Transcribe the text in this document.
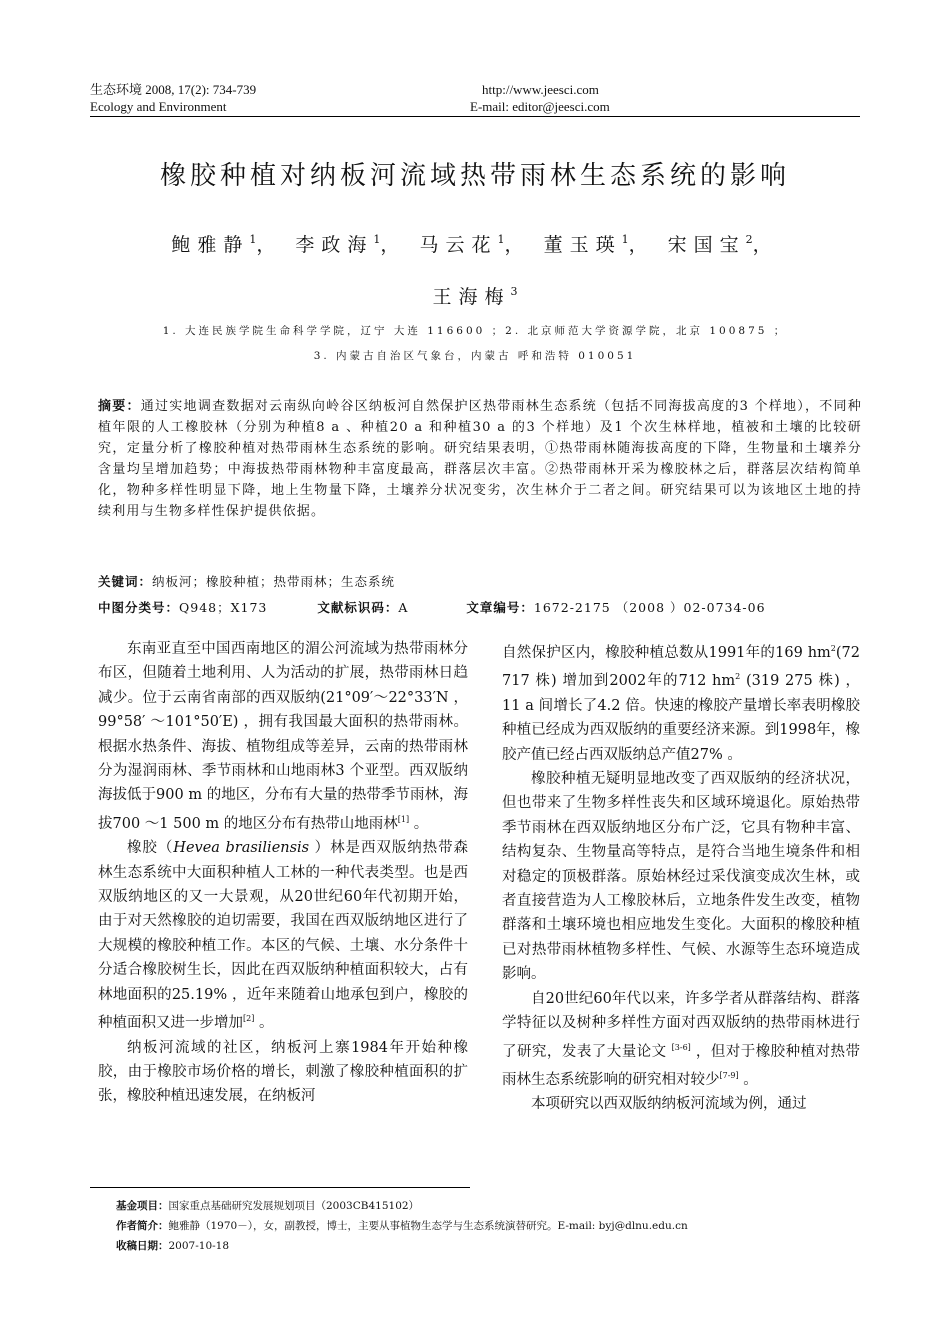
生态环境 2008, 17(2): 734-739
Ecology and Environment
http://www.jeesci.com
E-mail: editor@jeesci.com
橡胶种植对纳板河流域热带雨林生态系统的影响
鲍雅静$^1$， 李政海$^1$， 马云花$^1$， 董玉瑛$^1$， 宋国宝$^2$，
王海梅$^3$
1. 大连民族学院生命科学学院，辽宁 大连 116600 ；2. 北京师范大学资源学院，北京 100875 ；
3. 内蒙古自治区气象台，内蒙古 呼和浩特 010051
摘要：通过实地调查数据对云南纵向岭谷区纳板河自然保护区热带雨林生态系统（包括不同海拔高度的3 个样地），不同种植年限的人工橡胶林（分别为种植8 a 、种植20 a 和种植30 a 的3 个样地）及1 个次生林样地，植被和土壤的比较研究，定量分析了橡胶种植对热带雨林生态系统的影响。研究结果表明，①热带雨林随海拔高度的下降，生物量和土壤养分含量均呈增加趋势；中海拔热带雨林物种丰富度最高，群落层次丰富。②热带雨林开采为橡胶林之后，群落层次结构简单化，物种多样性明显下降，地上生物量下降，土壤养分状况变劣，次生林介于二者之间。研究结果可以为该地区土地的持续利用与生物多样性保护提供依据。
关键词：纳板河；橡胶种植；热带雨林；生态系统
中图分类号：Q948；X173	文献标识码：A	文章编号：1672-2175 （2008 ）02-0734-06

东南亚直至中国西南地区的湄公河流域为热带雨林分布区，但随着土地利用、人为活动的扩展，热带雨林日趋减少。位于云南省南部的西双版纳(21°09′～22°33′N ，99°58′ ～101°50′E) ，拥有我国最大面积的热带雨林。根据水热条件、海拔、植物组成等差异，云南的热带雨林分为湿润雨林、季节雨林和山地雨林3 个亚型。西双版纳海拔低于900 m 的地区，分布有大量的热带季节雨林，海拔700 ～1 500 m 的地区分布有热带山地雨林[1] 。

橡胶（Hevea brasiliensis ）林是西双版纳热带森林生态系统中大面积种植人工林的一种代表类型。也是西双版纳地区的又一大景观，从20世纪60年代初期开始，由于对天然橡胶的迫切需要，我国在西双版纳地区进行了大规模的橡胶种植工作。本区的气候、土壤、水分条件十分适合橡胶树生长，因此在西双版纳种植面积较大，占有林地面积的25.19% ，近年来随着山地承包到户，橡胶的种植面积又进一步增加[2] 。

纳板河流域的社区，纳板河上寨1984年开始种橡胶，由于橡胶市场价格的增长，刺激了橡胶种植面积的扩张，橡胶种植迅速发展，在纳板河

自然保护区内，橡胶种植总数从1991年的169 $hm^2(72$ 717 株) 增加到2002年的712 $hm^2$ (319 275 株) ，11 a 间增长了4.2 倍。快速的橡胶产量增长率表明橡胶种植已经成为西双版纳的重要经济来源。到1998年，橡胶产值已经占西双版纳总产值27% 。

橡胶种植无疑明显地改变了西双版纳的经济状况，但也带来了生物多样性丧失和区域环境退化。原始热带季节雨林在西双版纳地区分布广泛，它具有物种丰富、结构复杂、生物量高等特点，是符合当地生境条件和相对稳定的顶极群落。原始林经过采伐演变成次生林，或者直接营造为人工橡胶林后，立地条件发生改变，植物群落和土壤环境也相应地发生变化。大面积的橡胶种植已对热带雨林植物多样性、气候、水源等生态环境造成影响。

自20世纪60年代以来，许多学者从群落结构、群落学特征以及树种多样性方面对西双版纳的热带雨林进行了研究，发表了大量论文 [3-6] ，但对于橡胶种植对热带雨林生态系统影响的研究相对较少[7-9] 。

本项研究以西双版纳纳板河流域为例，通过

基金项目：国家重点基础研究发展规划项目（2003CB415102）
作者简介：鲍雅静（1970－），女，副教授，博士，主要从事植物生态学与生态系统演替研究。E-mail: byj@dlnu.edu.cn
收稿日期：2007-10-18
